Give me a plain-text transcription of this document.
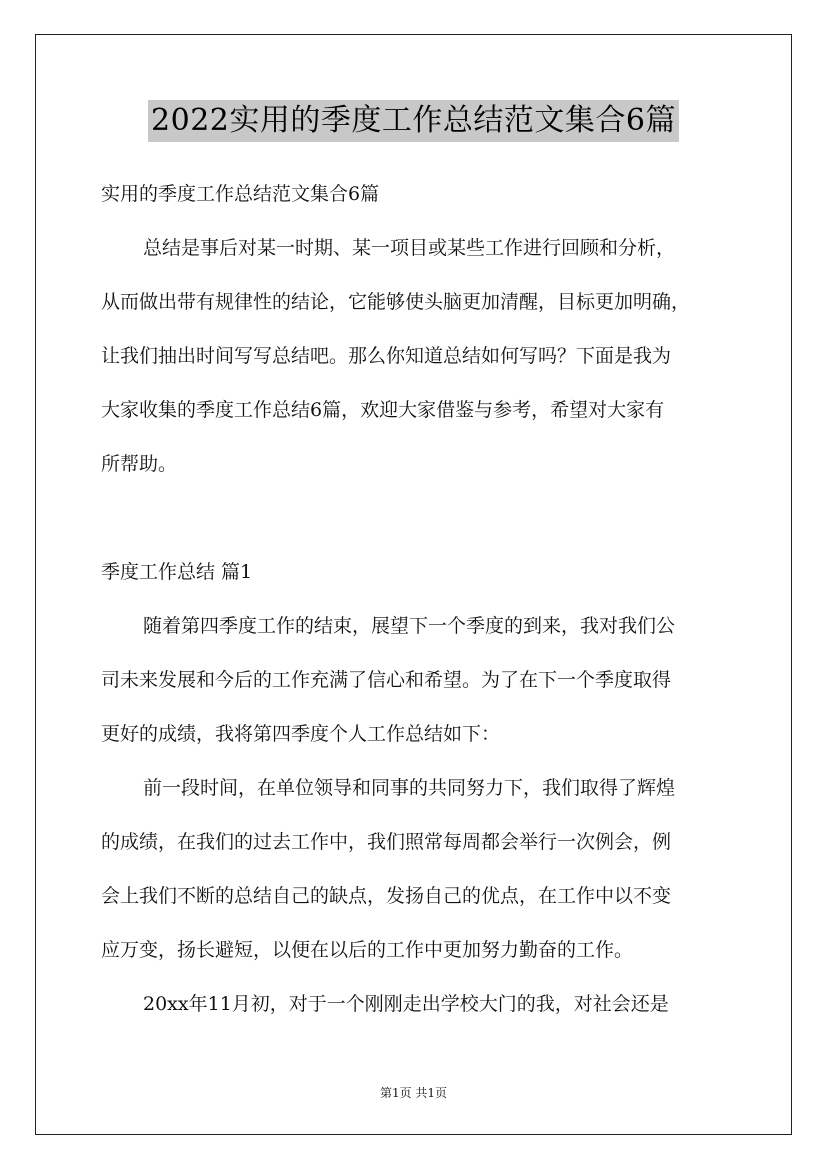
2022实用的季度工作总结范文集合6篇
实用的季度工作总结范文集合6篇
总结是事后对某一时期、某一项目或某些工作进行回顾和分析，
从而做出带有规律性的结论，它能够使头脑更加清醒，目标更加明确，
让我们抽出时间写写总结吧。那么你知道总结如何写吗？下面是我为
大家收集的季度工作总结6篇，欢迎大家借鉴与参考，希望对大家有
所帮助。
季度工作总结 篇1
随着第四季度工作的结束，展望下一个季度的到来，我对我们公
司未来发展和今后的工作充满了信心和希望。为了在下一个季度取得
更好的成绩，我将第四季度个人工作总结如下：
前一段时间，在单位领导和同事的共同努力下，我们取得了辉煌
的成绩，在我们的过去工作中，我们照常每周都会举行一次例会，例
会上我们不断的总结自己的缺点，发扬自己的优点，在工作中以不变
应万变，扬长避短，以便在以后的工作中更加努力勤奋的工作。
20xx年11月初，对于一个刚刚走出学校大门的我，对社会还是
第1页 共1页
